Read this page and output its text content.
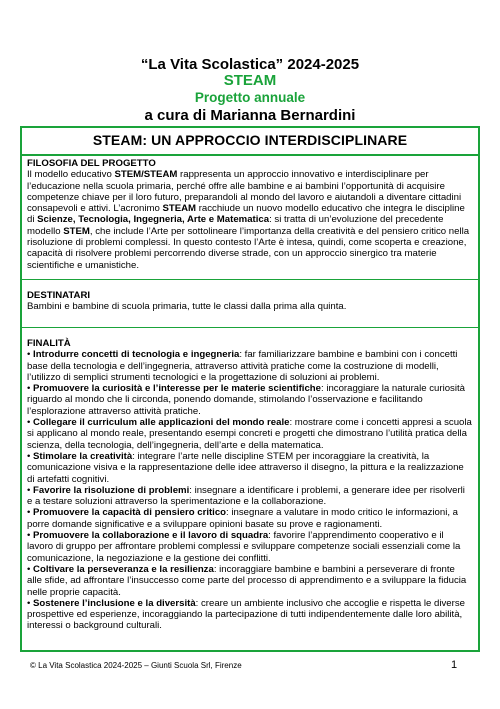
“La Vita Scolastica” 2024-2025
STEAM
Progetto annuale
a cura di Marianna Bernardini
STEAM: UN APPROCCIO INTERDISCIPLINARE
FILOSOFIA DEL PROGETTO
Il modello educativo STEM/STEAM rappresenta un approccio innovativo e interdisciplinare per l’educazione nella scuola primaria, perché offre alle bambine e ai bambini l’opportunità di acquisire competenze chiave per il loro futuro, preparandoli al mondo del lavoro e aiutandoli a diventare cittadini consapevoli e attivi. L’acronimo STEAM racchiude un nuovo modello educativo che integra le discipline di Scienze, Tecnologia, Ingegneria, Arte e Matematica: si tratta di un’evoluzione del precedente modello STEM, che include l’Arte per sottolineare l’importanza della creatività e del pensiero critico nella risoluzione di problemi complessi. In questo contesto l’Arte è intesa, quindi, come scoperta e creazione, capacità di risolvere problemi percorrendo diverse strade, con un approccio sinergico tra materie scientifiche e umanistiche.
DESTINATARI
Bambini e bambine di scuola primaria, tutte le classi dalla prima alla quinta.
FINALITÀ
• Introdurre concetti di tecnologia e ingegneria: far familiarizzare bambine e bambini con i concetti base della tecnologia e dell’ingegneria, attraverso attività pratiche come la costruzione di modelli, l’utilizzo di semplici strumenti tecnologici e la progettazione di soluzioni ai problemi.
• Promuovere la curiosità e l’interesse per le materie scientifiche: incoraggiare la naturale curiosità riguardo al mondo che li circonda, ponendo domande, stimolando l’osservazione e facilitando l’esplorazione attraverso attività pratiche.
• Collegare il curriculum alle applicazioni del mondo reale: mostrare come i concetti appresi a scuola si applicano al mondo reale, presentando esempi concreti e progetti che dimostrano l’utilità pratica della scienza, della tecnologia, dell’ingegneria, dell’arte e della matematica.
• Stimolare la creatività: integrare l’arte nelle discipline STEM per incoraggiare la creatività, la comunicazione visiva e la rappresentazione delle idee attraverso il disegno, la pittura e la realizzazione di artefatti cognitivi.
• Favorire la risoluzione di problemi: insegnare a identificare i problemi, a generare idee per risolverli e a testare soluzioni attraverso la sperimentazione e la collaborazione.
• Promuovere la capacità di pensiero critico: insegnare a valutare in modo critico le informazioni, a porre domande significative e a sviluppare opinioni basate su prove e ragionamenti.
• Promuovere la collaborazione e il lavoro di squadra: favorire l’apprendimento cooperativo e il lavoro di gruppo per affrontare problemi complessi e sviluppare competenze sociali essenziali come la comunicazione, la negoziazione e la gestione dei conflitti.
• Coltivare la perseveranza e la resilienza: incoraggiare bambine e bambini a perseverare di fronte alle sfide, ad affrontare l’insuccesso come parte del processo di apprendimento e a sviluppare la fiducia nelle proprie capacità.
• Sostenere l’inclusione e la diversità: creare un ambiente inclusivo che accoglie e rispetta le diverse prospettive ed esperienze, incoraggiando la partecipazione di tutti indipendentemente dalle loro abilità, interessi o background culturali.
© La Vita Scolastica 2024-2025 – Giunti Scuola Srl, Firenze	1
